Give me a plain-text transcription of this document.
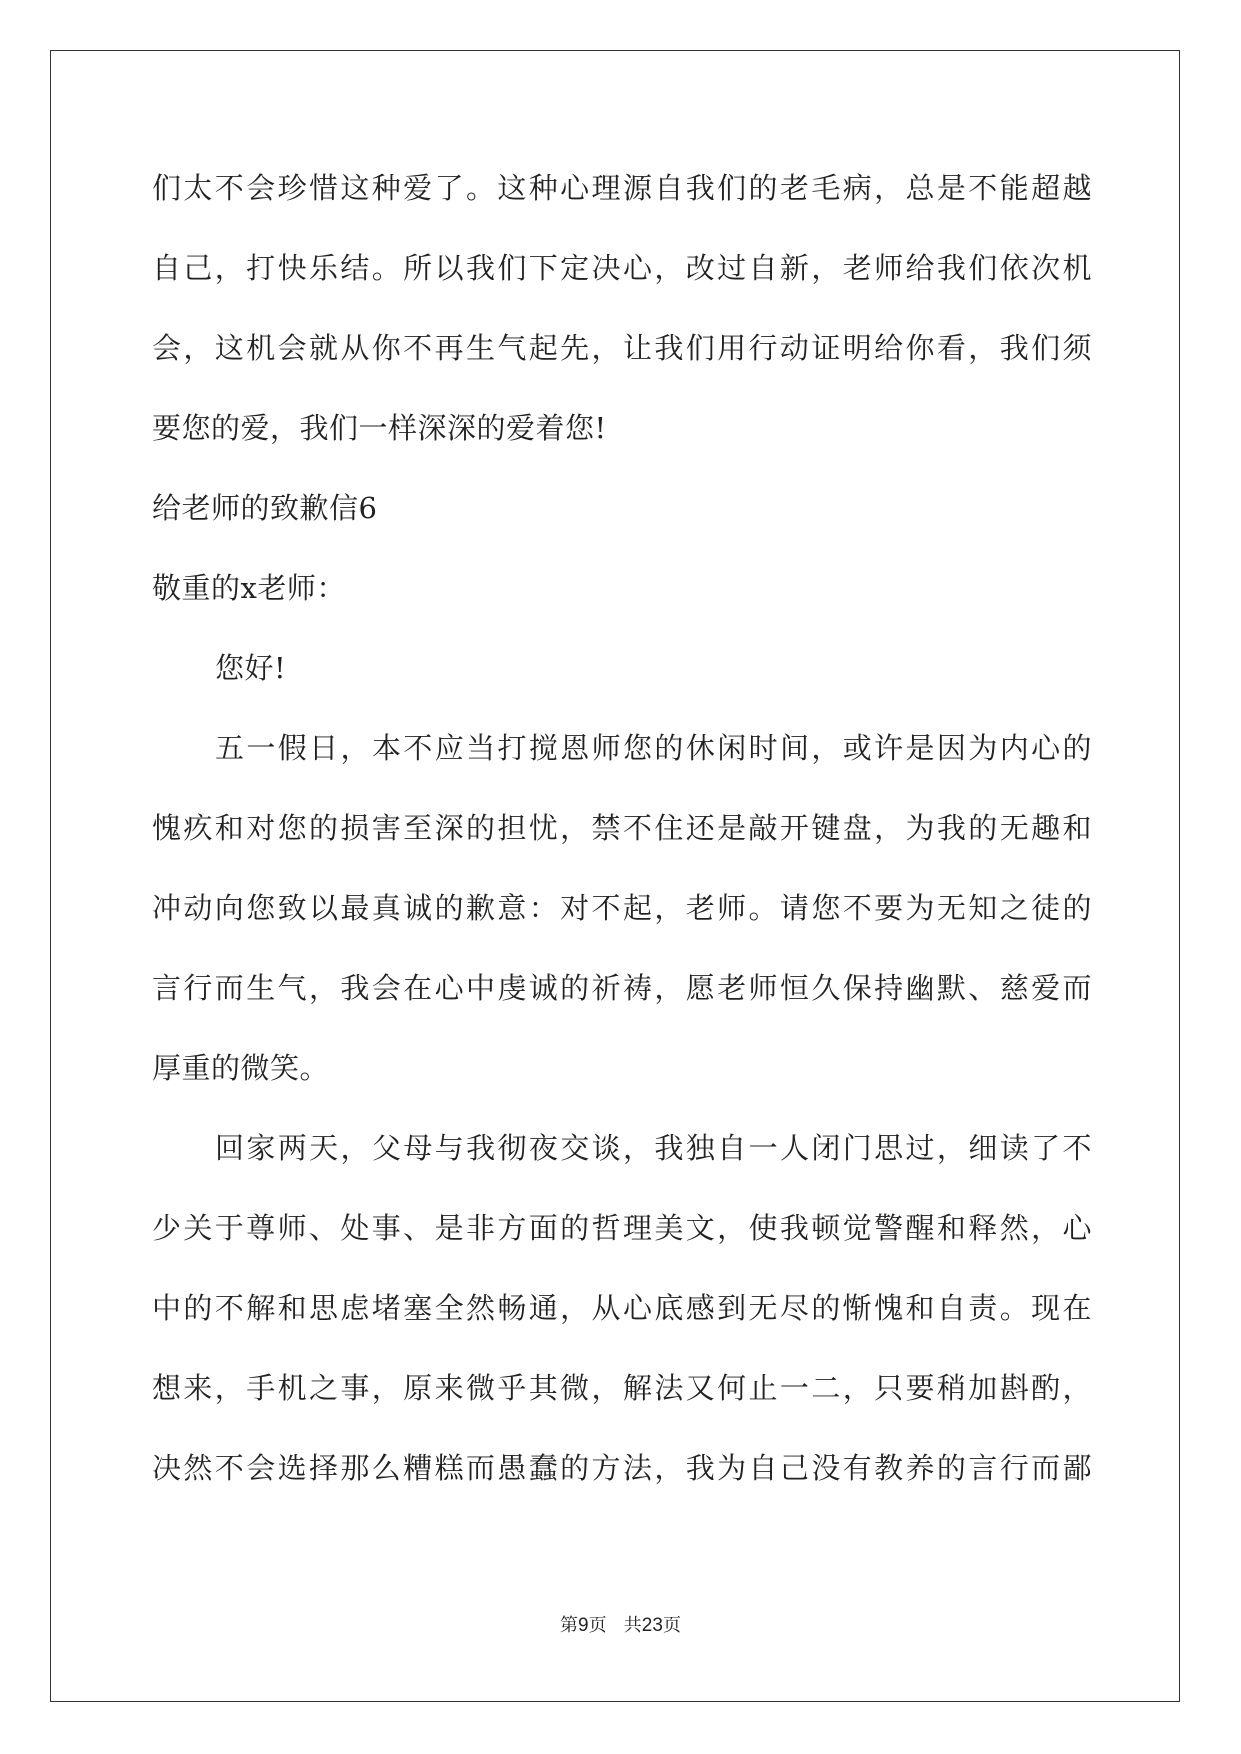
们太不会珍惜这种爱了。这种心理源自我们的老毛病，总是不能超越
自己，打快乐结。所以我们下定决心，改过自新，老师给我们依次机
会，这机会就从你不再生气起先，让我们用行动证明给你看，我们须
要您的爱，我们一样深深的爱着您!
给老师的致歉信6
敬重的x老师：
您好!
五一假日，本不应当打搅恩师您的休闲时间，或许是因为内心的
愧疚和对您的损害至深的担忧，禁不住还是敲开键盘，为我的无趣和
冲动向您致以最真诚的歉意：对不起，老师。请您不要为无知之徒的
言行而生气，我会在心中虔诚的祈祷，愿老师恒久保持幽默、慈爱而
厚重的微笑。
回家两天，父母与我彻夜交谈，我独自一人闭门思过，细读了不
少关于尊师、处事、是非方面的哲理美文，使我顿觉警醒和释然，心
中的不解和思虑堵塞全然畅通，从心底感到无尽的惭愧和自责。现在
想来，手机之事，原来微乎其微，解法又何止一二，只要稍加斟酌，
决然不会选择那么糟糕而愚蠢的方法，我为自己没有教养的言行而鄙
第9页 共23页
